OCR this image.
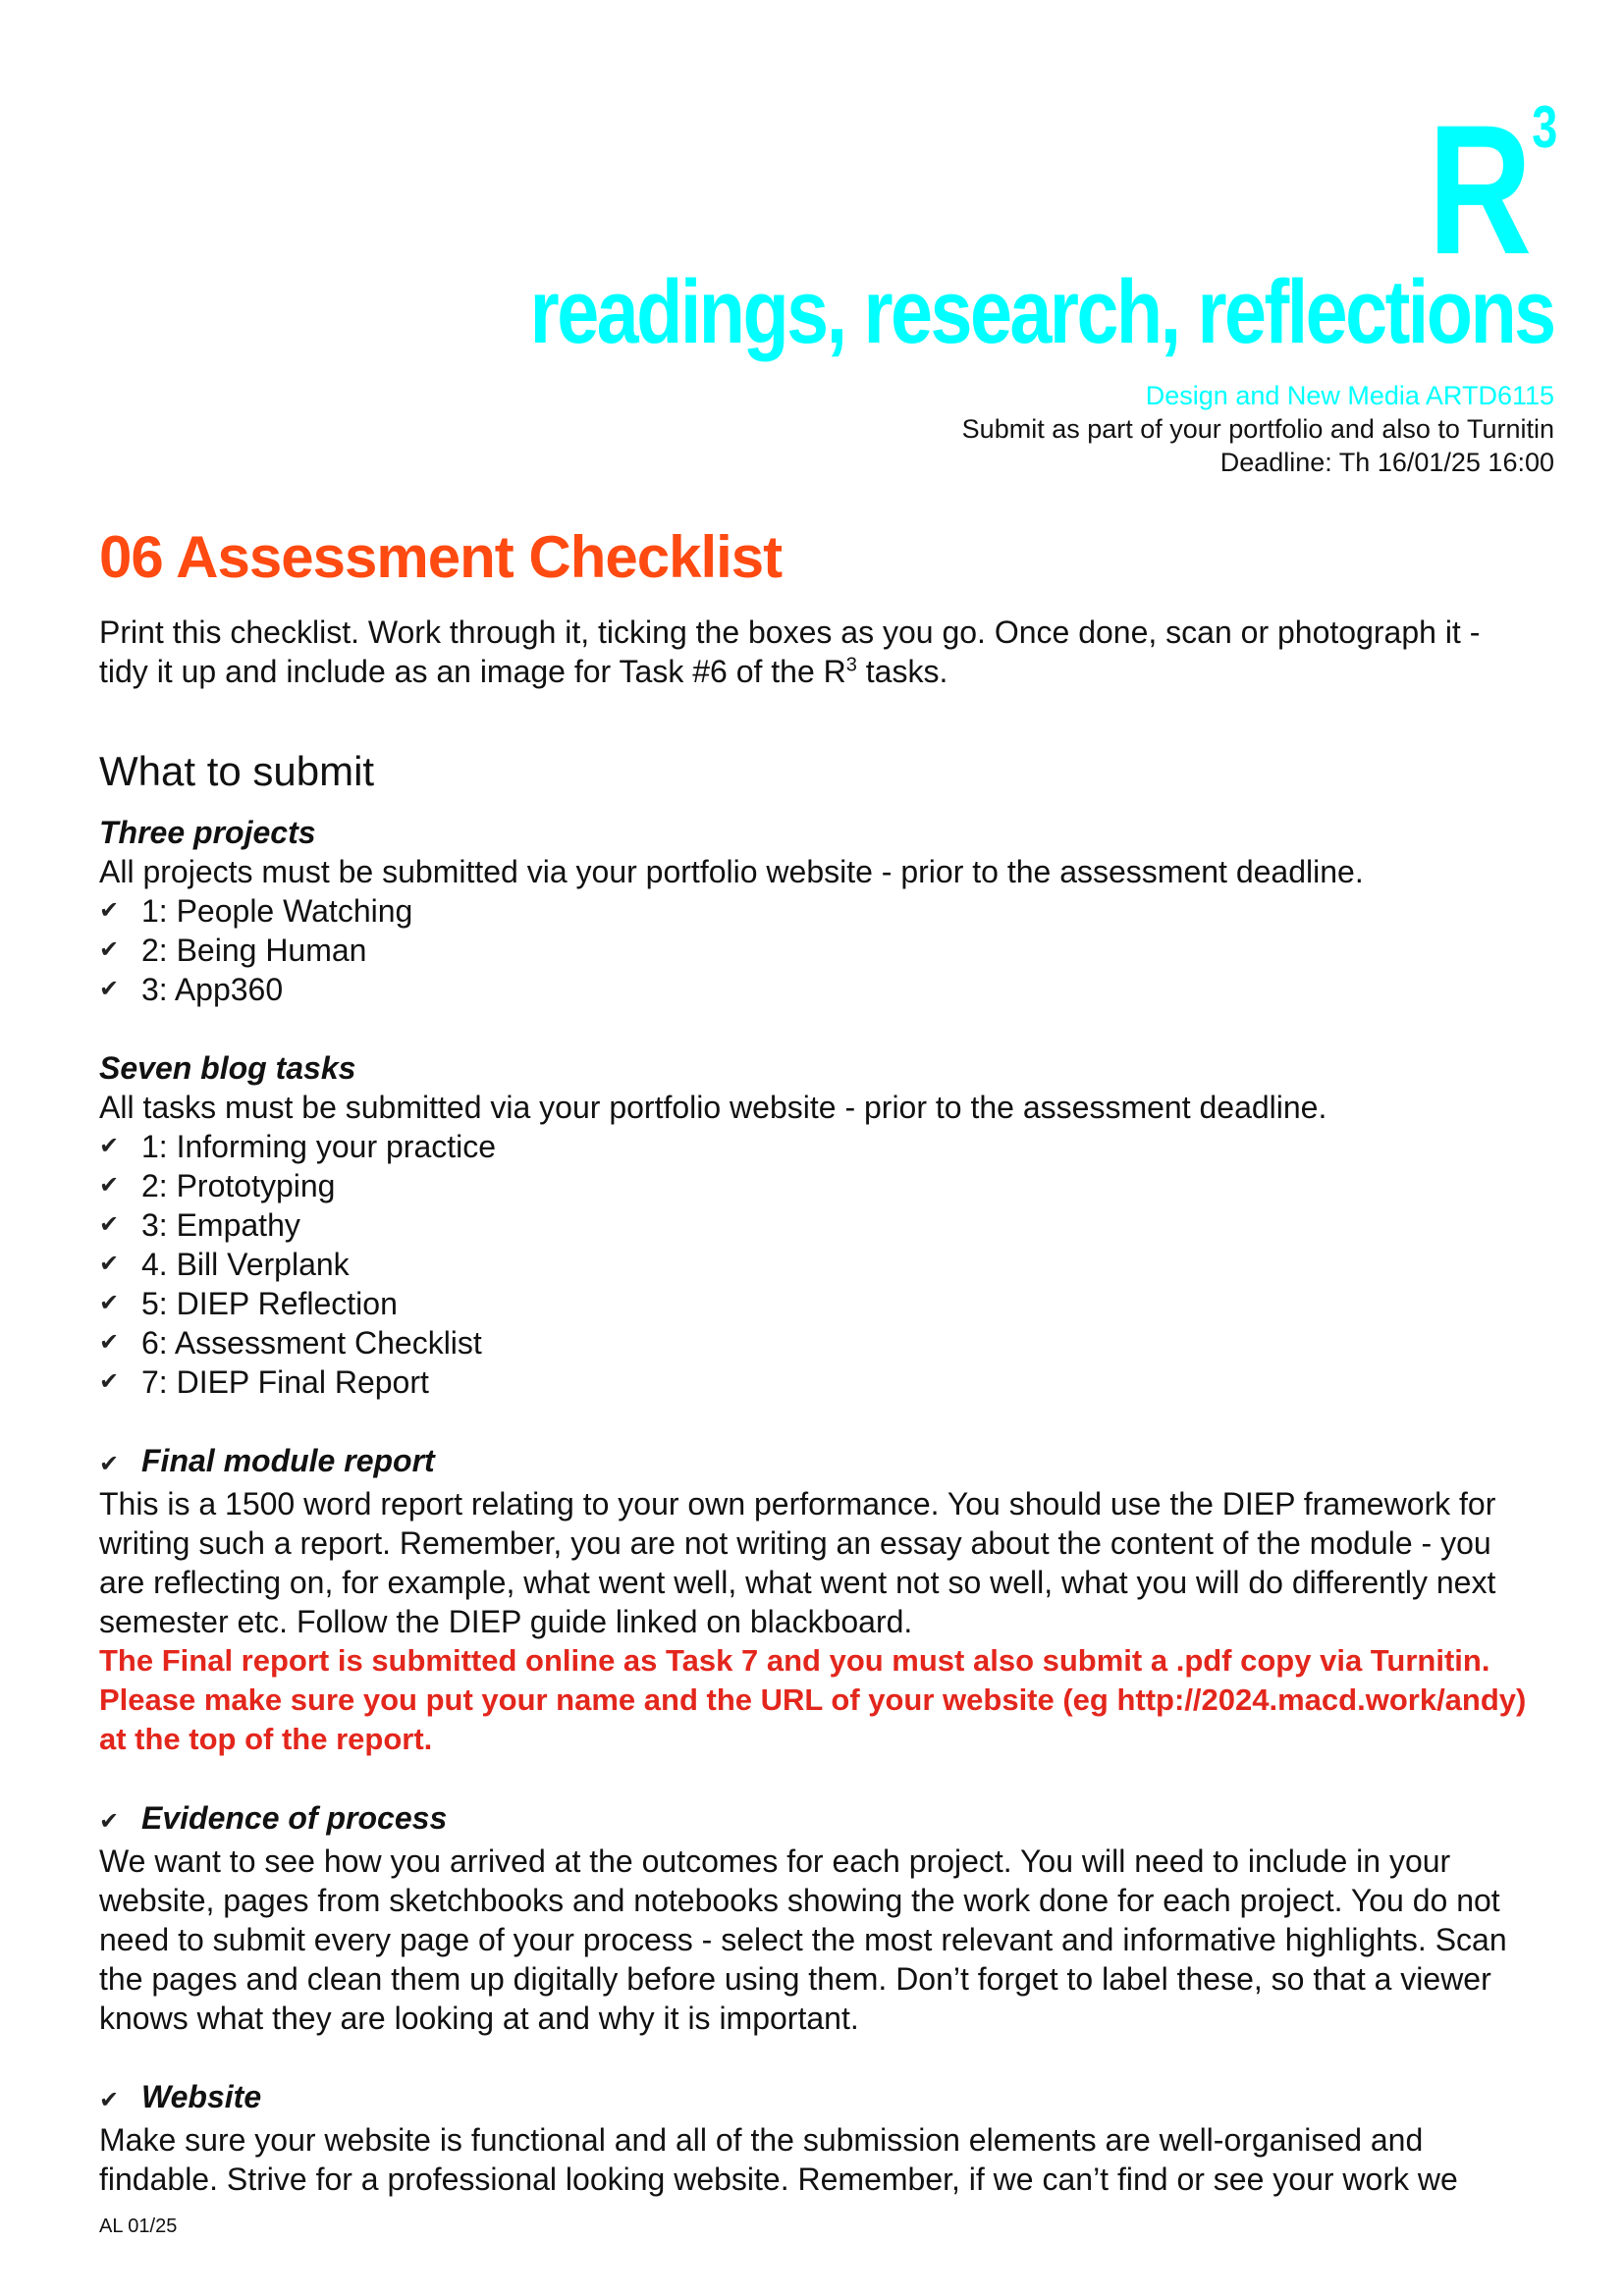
$R^3$
readings, research, reflections
Design and New Media ARTD6115
Submit as part of your portfolio and also to Turnitin
Deadline: Th 16/01/25 16:00
06 Assessment Checklist

Print this checklist. Work through it, ticking the boxes as you go. Once done, scan or photograph it - tidy it up and include as an image for Task #6 of the $R^3$ tasks.

What to submit
Three projects

All projects must be submitted via your portfolio website - prior to the assessment deadline.

✔ 1: People Watching
✔ 2: Being Human
✔ 3: App360
Seven blog tasks

All tasks must be submitted via your portfolio website - prior to the assessment deadline.

✔ 1: Informing your practice
✔ 2: Prototyping
✔ 3: Empathy
✔ 4. Bill Verplank
✔ 5: DIEP Reflection
✔ 6: Assessment Checklist
✔ 7: DIEP Final Report
✔ Final module report

This is a 1500 word report relating to your own performance. You should use the DIEP framework for writing such a report. Remember, you are not writing an essay about the content of the module - you are reflecting on, for example, what went well, what went not so well, what you will do differently next semester etc. Follow the DIEP guide linked on blackboard.

The Final report is submitted online as Task 7 and you must also submit a .pdf copy via Turnitin. Please make sure you put your name and the URL of your website (eg http://2024.macd.work/andy) at the top of the report.

✔ Evidence of process

We want to see how you arrived at the outcomes for each project. You will need to include in your website, pages from sketchbooks and notebooks showing the work done for each project. You do not need to submit every page of your process - select the most relevant and informative highlights. Scan the pages and clean them up digitally before using them. Don’t forget to label these, so that a viewer knows what they are looking at and why it is important.

✔ Website

Make sure your website is functional and all of the submission elements are well-organised and findable. Strive for a professional looking website. Remember, if we can’t find or see your work we

AL 01/25
